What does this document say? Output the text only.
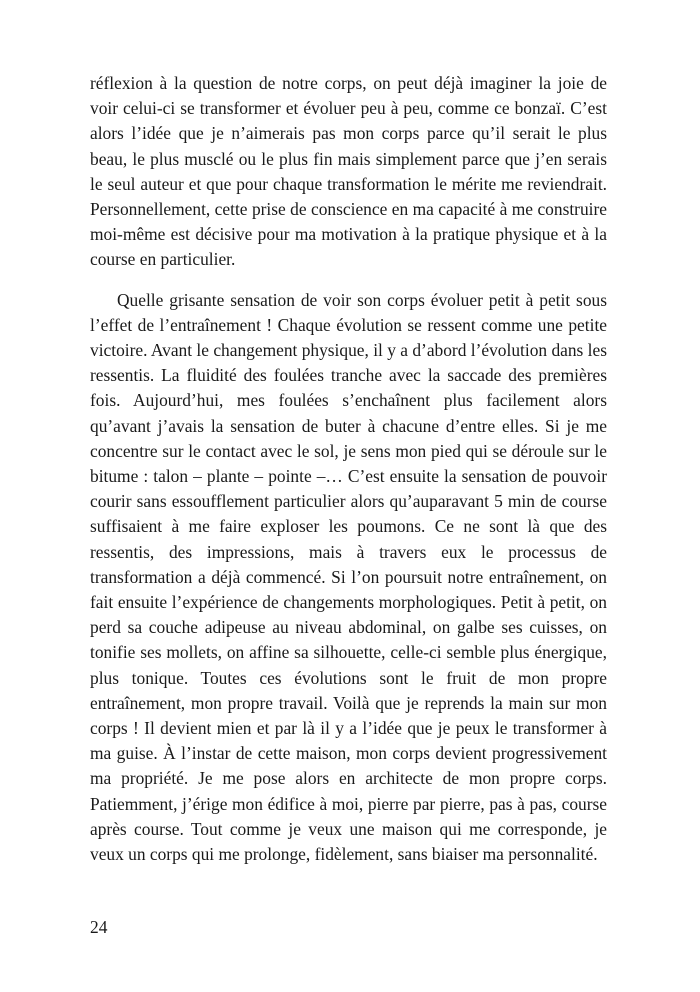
réflexion à la question de notre corps, on peut déjà imaginer la joie de voir celui-ci se transformer et évoluer peu à peu, comme ce bonzaï. C’est alors l’idée que je n’aimerais pas mon corps parce qu’il serait le plus beau, le plus musclé ou le plus fin mais simplement parce que j’en serais le seul auteur et que pour chaque transformation le mérite me reviendrait. Personnellement, cette prise de conscience en ma capacité à me construire moi-même est décisive pour ma motivation à la pratique physique et à la course en particulier.

Quelle grisante sensation de voir son corps évoluer petit à petit sous l’effet de l’entraînement ! Chaque évolution se ressent comme une petite victoire. Avant le changement physique, il y a d’abord l’évolution dans les ressentis. La fluidité des foulées tranche avec la saccade des premières fois. Aujourd’hui, mes foulées s’enchaînent plus facilement alors qu’avant j’avais la sensation de buter à chacune d’entre elles. Si je me concentre sur le contact avec le sol, je sens mon pied qui se déroule sur le bitume : talon – plante – pointe –… C’est ensuite la sensation de pouvoir courir sans essoufflement particulier alors qu’auparavant 5 min de course suffisaient à me faire exploser les poumons. Ce ne sont là que des ressentis, des impressions, mais à travers eux le processus de transformation a déjà commencé. Si l’on poursuit notre entraînement, on fait ensuite l’expérience de changements morphologiques. Petit à petit, on perd sa couche adipeuse au niveau abdominal, on galbe ses cuisses, on tonifie ses mollets, on affine sa silhouette, celle-ci semble plus énergique, plus tonique. Toutes ces évolutions sont le fruit de mon propre entraînement, mon propre travail. Voilà que je reprends la main sur mon corps ! Il devient mien et par là il y a l’idée que je peux le transformer à ma guise. À l’instar de cette maison, mon corps devient progressivement ma propriété. Je me pose alors en architecte de mon propre corps. Patiemment, j’érige mon édifice à moi, pierre par pierre, pas à pas, course après course. Tout comme je veux une maison qui me corresponde, je veux un corps qui me prolonge, fidèlement, sans biaiser ma personnalité.

24
